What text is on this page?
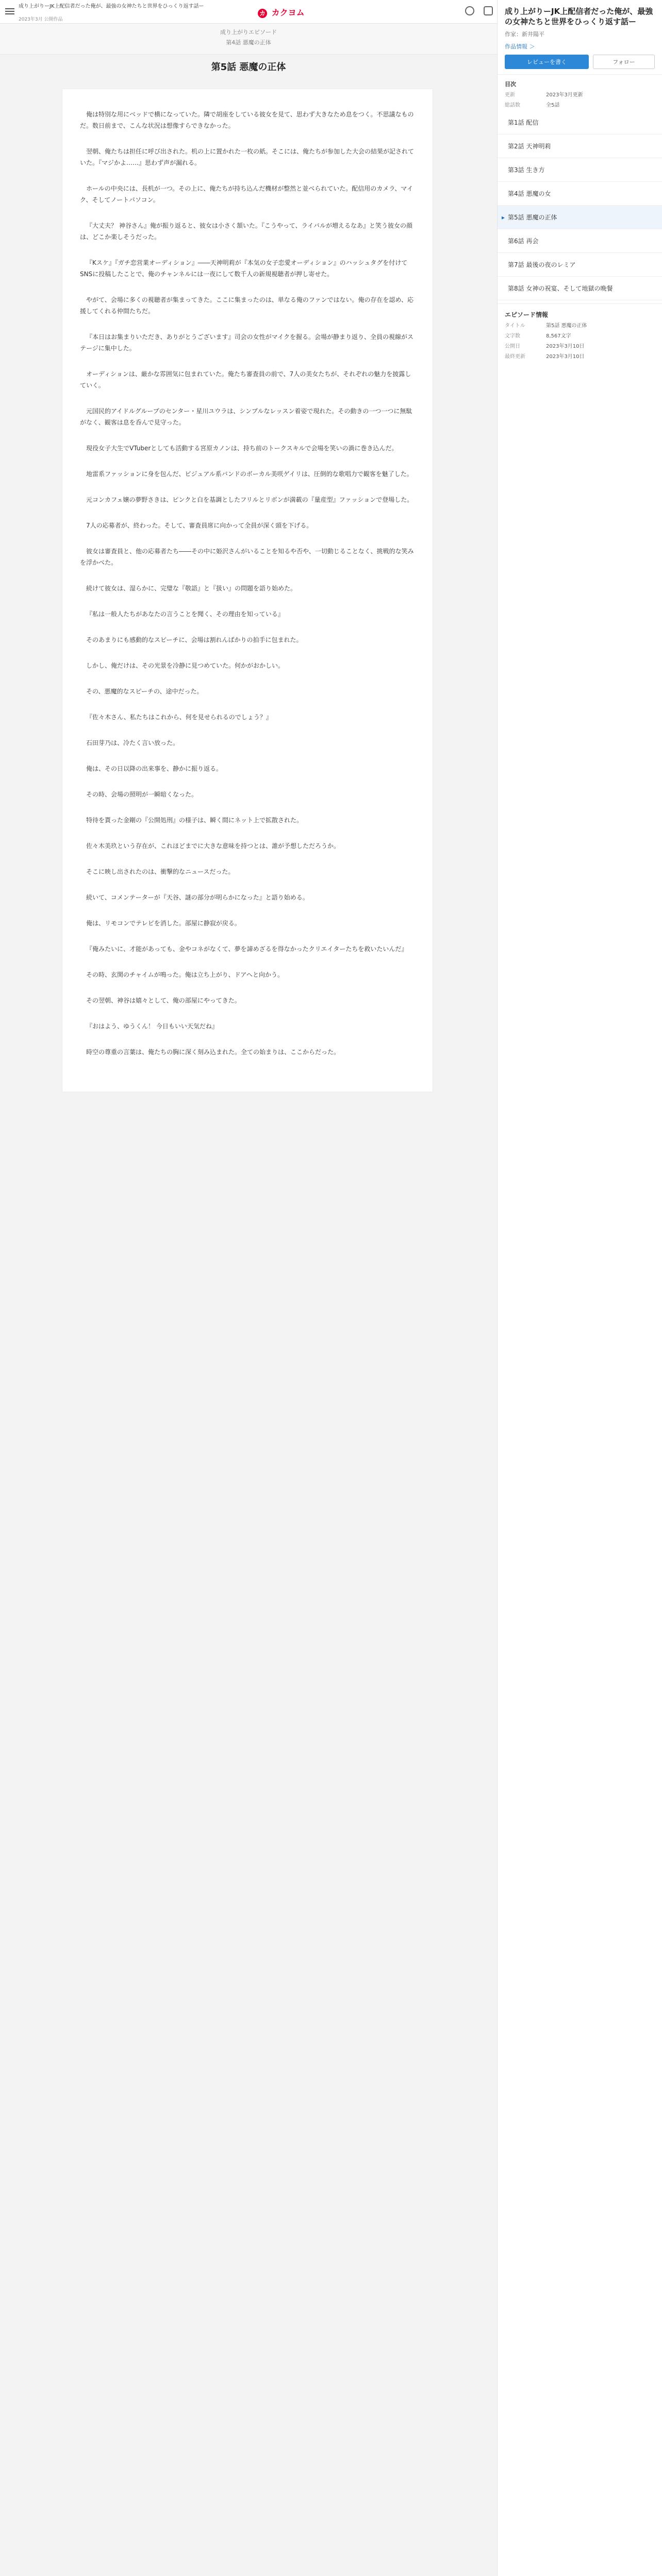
成り上がりーJK上配信者だった俺が、最強の女神たちと世界をひっくり返す話ー
2023年3月 公開作品
カ カクヨム
成り上がりエピソード
第4話 悪魔の正体
第5話 悪魔の正体

俺は特別な用にベッドで横になっていた。隣で胡座をしている彼女を見て、思わず大きなため息をつく。不思議なものだ。数日前まで、こんな状況は想像すらできなかった。

翌朝、俺たちは担任に呼び出された。机の上に置かれた一枚の紙。そこには、俺たちが参加した大会の結果が記されていた。『マジかよ……』思わず声が漏れる。

ホールの中央には、長机が一つ。その上に、俺たちが持ち込んだ機材が整然と並べられていた。配信用のカメラ、マイク、そしてノートパソコン。

『大丈夫？ 神谷さん』俺が振り返ると、彼女は小さく頷いた。『こうやって、ライバルが増えるなあ』と笑う彼女の顔は、どこか楽しそうだった。

『Kスケ』『ガチ恋営業オーディション』――天神明莉が『本気の女子恋愛オーディション』のハッシュタグを付けてSNSに投稿したことで、俺のチャンネルには一夜にして数千人の新規視聴者が押し寄せた。

やがて、会場に多くの視聴者が集まってきた。ここに集まったのは、単なる俺のファンではない。俺の存在を認め、応援してくれる仲間たちだ。

『本日はお集まりいただき、ありがとうございます』司会の女性がマイクを握る。会場が静まり返り、全員の視線がステージに集中した。

オーディションは、厳かな雰囲気に包まれていた。俺たち審査員の前で、7人の美女たちが、それぞれの魅力を披露していく。

元国民的アイドルグループのセンター・星川ユウラは、シンプルなレッスン着姿で現れた。その動きの一つ一つに無駄がなく、観客は息を呑んで見守った。

現役女子大生でVTuberとしても活動する宮原カノンは、持ち前のトークスキルで会場を笑いの渦に巻き込んだ。

地雷系ファッションに身を包んだ、ビジュアル系バンドのボーカル美咲ゲイリは、圧倒的な歌唱力で観客を魅了した。

元コンカフェ嬢の夢野さきは、ピンクと白を基調としたフリルとリボンが満載の『量産型』ファッションで登場した。

7人の応募者が、終わった。そして、審査員席に向かって全員が深く頭を下げる。

彼女は審査員と、他の応募者たち――その中に姫沢さんがいることを知るや否や、一切動じることなく、挑戦的な笑みを浮かべた。

続けて彼女は、湿らかに、完璧な『敬語』と『扱い』の問題を語り始めた。

『私は一般人たちがあなたの言うことを聞く、その理由を知っている』

そのあまりにも感動的なスピーチに、会場は割れんばかりの拍手に包まれた。

しかし、俺だけは、その光景を冷静に見つめていた。何かがおかしい。

その、悪魔的なスピーチの、途中だった。

『佐々木さん、私たちはこれから、何を見せられるのでしょう？』

石田芽乃は、冷たく言い放った。

俺は、その日以降の出来事を、静かに振り返る。

その時、会場の照明が一瞬暗くなった。

特待を貰った金剛の『公開処刑』の様子は、瞬く間にネット上で拡散された。

佐々木美玖という存在が、これほどまでに大きな意味を持つとは、誰が予想しただろうか。

そこに映し出されたのは、衝撃的なニュースだった。

続いて、コメンテーターが『天谷、謎の部分が明らかになった』と語り始める。

俺は、リモコンでテレビを消した。部屋に静寂が戻る。

『俺みたいに、才能があっても、金やコネがなくて、夢を諦めざるを得なかったクリエイターたちを救いたいんだ』

その時、玄関のチャイムが鳴った。俺は立ち上がり、ドアへと向かう。

その翌朝、神谷は嬉々として、俺の部屋にやってきた。

『おはよう、ゆうくん！ 今日もいい天気だね』

時空の尊重の言葉は、俺たちの胸に深く刻み込まれた。全ての始まりは、ここからだった。

成り上がりーJK上配信者だった俺が、最強の女神たちと世界をひっくり返す話ー
作家：新井陽平
作品情報 ＞
レビューを書く	フォロー
目次
更新	2023年3月更新
総話数	全5話
第1話 配信
第2話 天神明莉
第3話 生き方
第4話 悪魔の女
▸ 第5話 悪魔の正体
第6話 再会
第7話 最後の夜のレミア
第8話 女神の祝宴、そして地獄の晩餐
エピソード情報
タイトル	第5話 悪魔の正体
文字数	8,567文字
公開日	2023年3月10日
最終更新	2023年3月10日
